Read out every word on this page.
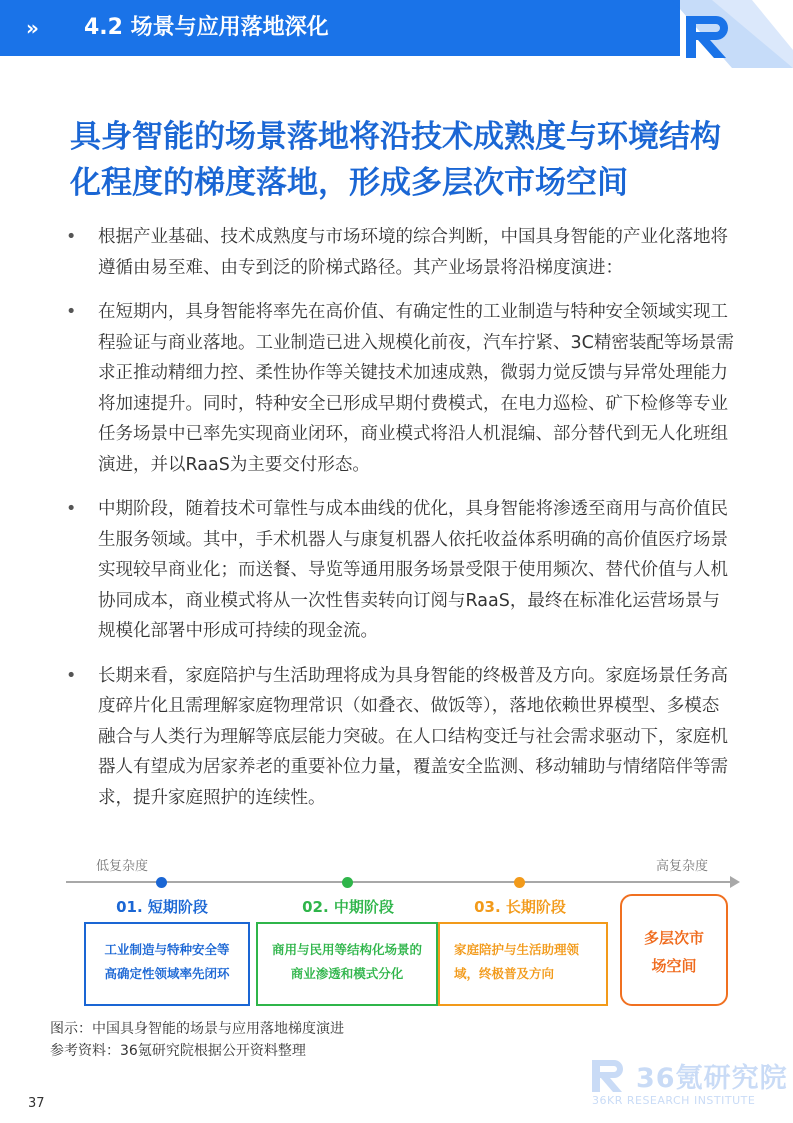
» 4.2 场景与应用落地深化
具身智能的场景落地将沿技术成熟度与环境结构化程度的梯度落地，形成多层次市场空间
• 根据产业基础、技术成熟度与市场环境的综合判断，中国具身智能的产业化落地将遵循由易至难、由专到泛的阶梯式路径。其产业场景将沿梯度演进：
• 在短期内，具身智能将率先在高价值、有确定性的工业制造与特种安全领域实现工程验证与商业落地。工业制造已进入规模化前夜，汽车拧紧、3C精密装配等场景需求正推动精细力控、柔性协作等关键技术加速成熟，微弱力觉反馈与异常处理能力将加速提升。同时，特种安全已形成早期付费模式，在电力巡检、矿下检修等专业任务场景中已率先实现商业闭环，商业模式将沿人机混编、部分替代到无人化班组演进，并以RaaS为主要交付形态。
• 中期阶段，随着技术可靠性与成本曲线的优化，具身智能将渗透至商用与高价值民生服务领域。其中，手术机器人与康复机器人依托收益体系明确的高价值医疗场景实现较早商业化；而送餐、导览等通用服务场景受限于使用频次、替代价值与人机协同成本，商业模式将从一次性售卖转向订阅与RaaS，最终在标准化运营场景与规模化部署中形成可持续的现金流。
• 长期来看，家庭陪护与生活助理将成为具身智能的终极普及方向。家庭场景任务高度碎片化且需理解家庭物理常识（如叠衣、做饭等），落地依赖世界模型、多模态融合与人类行为理解等底层能力突破。在人口结构变迁与社会需求驱动下，家庭机器人有望成为居家养老的重要补位力量，覆盖安全监测、移动辅助与情绪陪伴等需求，提升家庭照护的连续性。
低复杂度	高复杂度
01. 短期阶段	02. 中期阶段	03. 长期阶段
工业制造与特种安全等
高确定性领域率先闭环
商用与民用等结构化场景的
商业渗透和模式分化
家庭陪护与生活助理领
域，终极普及方向
多层次市
场空间
图示：中国具身智能的场景与应用落地梯度演进
参考资料：36氪研究院根据公开资料整理
37
36氪研究院
36KR RESEARCH INSTITUTE
